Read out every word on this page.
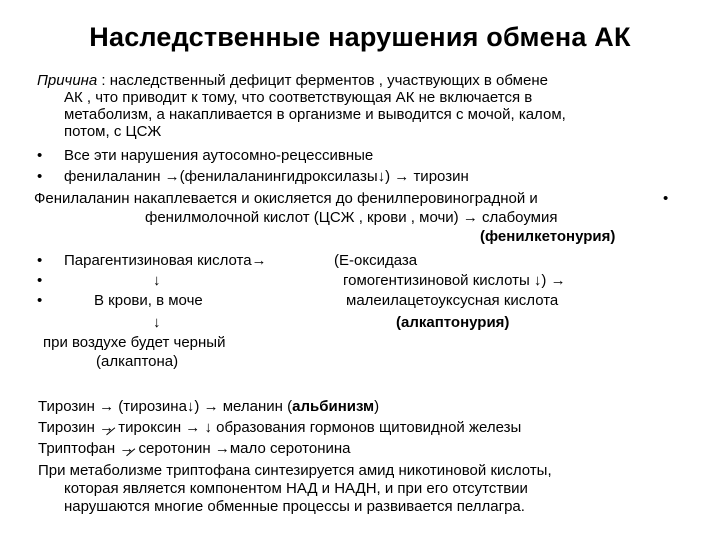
Наследственные нарушения обмена АК
Причина : наследственный дефицит ферментов , участвующих в обмене
АК , что приводит к тому, что соответствующая АК не включается в
метаболизм, а накапливается в организме и выводится с мочой, калом,
потом, с ЦСЖ
• Все эти нарушения аутосомно-рецессивные
• фенилаланин →(фенилаланингидроксилазы↓) → тирозин
Фенилаланин накаплевается и окисляется до фенилперовиноградной и	•
фенилмолочной кислот (ЦСЖ , крови , мочи) → слабоумия
(фенилкетонурия)
•
•
•
Парагентизиновая кислота→
↓
В крови, в моче
↓
при воздухе будет черный
(алкаптона)
(Е-оксидаза
гомогентизиновой кислоты ↓) →
малеилацетоуксусная кислота
(алкаптонурия)
Тирозин → (тирозина↓) → меланин (альбинизм)
Тирозин → тироксин → ↓ образования гормонов щитовидной железы
Триптофан → серотонин →мало серотонина
При метаболизме триптофана синтезируется амид никотиновой кислоты,
которая является компонентом НАД и НАДН, и при его отсутствии
нарушаются многие обменные процессы и развивается пеллагра.
